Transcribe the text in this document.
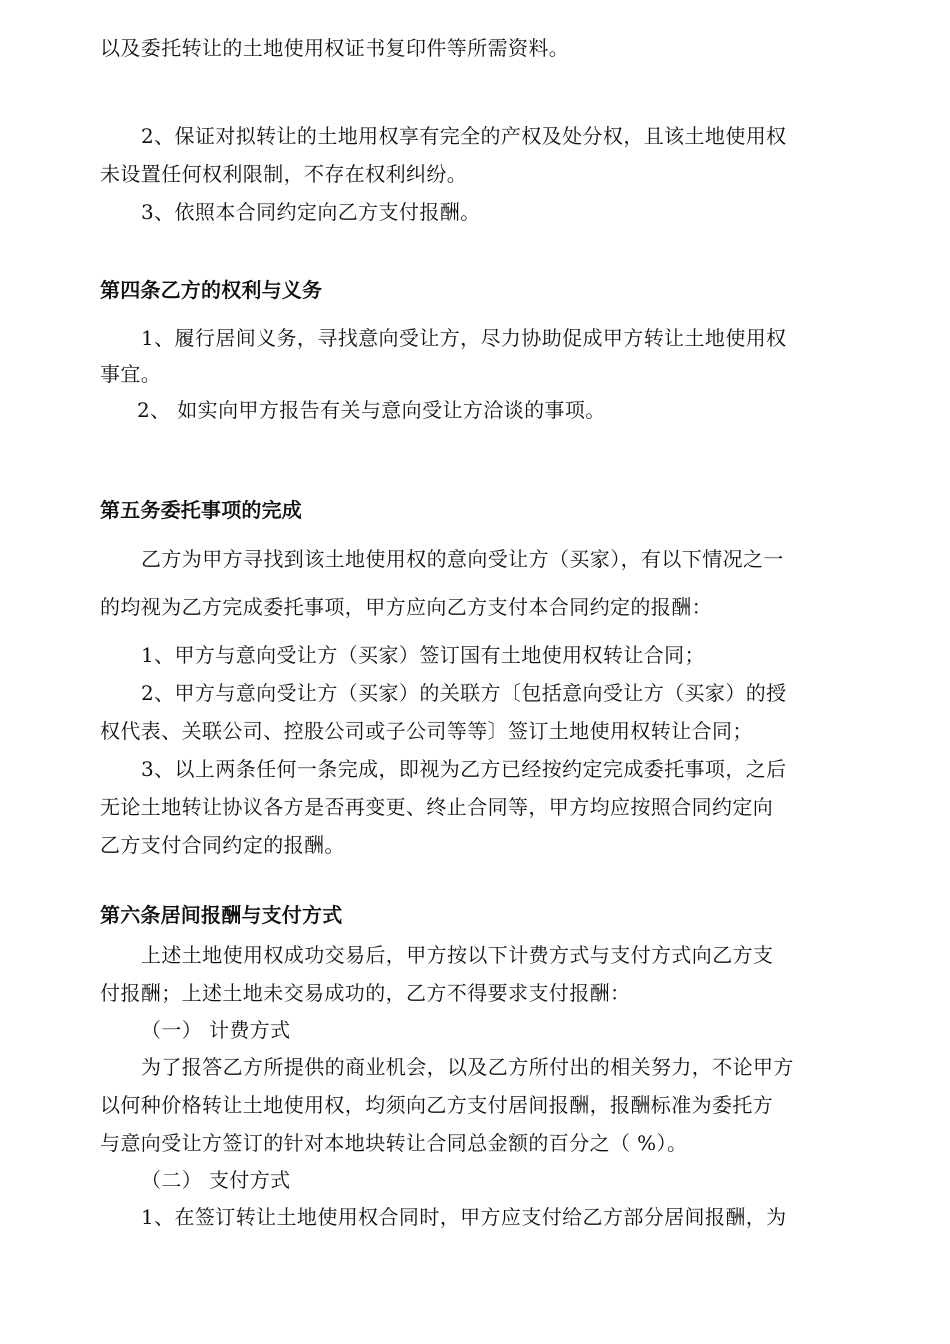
以及委托转让的土地使用权证书复印件等所需资料。
2、保证对拟转让的土地用权享有完全的产权及处分权，且该土地使用权
未设置任何权利限制，不存在权利纠纷。
3、依照本合同约定向乙方支付报酬。
第四条乙方的权利与义务
1、履行居间义务，寻找意向受让方，尽力协助促成甲方转让土地使用权
事宜。
2、 如实向甲方报告有关与意向受让方洽谈的事项。
第五务委托事项的完成
乙方为甲方寻找到该土地使用权的意向受让方（买家），有以下情况之一
的均视为乙方完成委托事项，甲方应向乙方支付本合同约定的报酬：
1、甲方与意向受让方（买家）签订国有土地使用权转让合同；
2、甲方与意向受让方（买家）的关联方〔包括意向受让方（买家）的授
权代表、关联公司、控股公司或子公司等等〕签订土地使用权转让合同；
3、以上两条任何一条完成，即视为乙方已经按约定完成委托事项，之后
无论土地转让协议各方是否再变更、终止合同等，甲方均应按照合同约定向
乙方支付合同约定的报酬。
第六条居间报酬与支付方式
上述土地使用权成功交易后，甲方按以下计费方式与支付方式向乙方支
付报酬；上述土地未交易成功的，乙方不得要求支付报酬：
（一） 计费方式
为了报答乙方所提供的商业机会，以及乙方所付出的相关努力，不论甲方
以何种价格转让土地使用权，均须向乙方支付居间报酬，报酬标准为委托方
与意向受让方签订的针对本地块转让合同总金额的百分之（ %）。
（二） 支付方式
1、在签订转让土地使用权合同时，甲方应支付给乙方部分居间报酬，为
